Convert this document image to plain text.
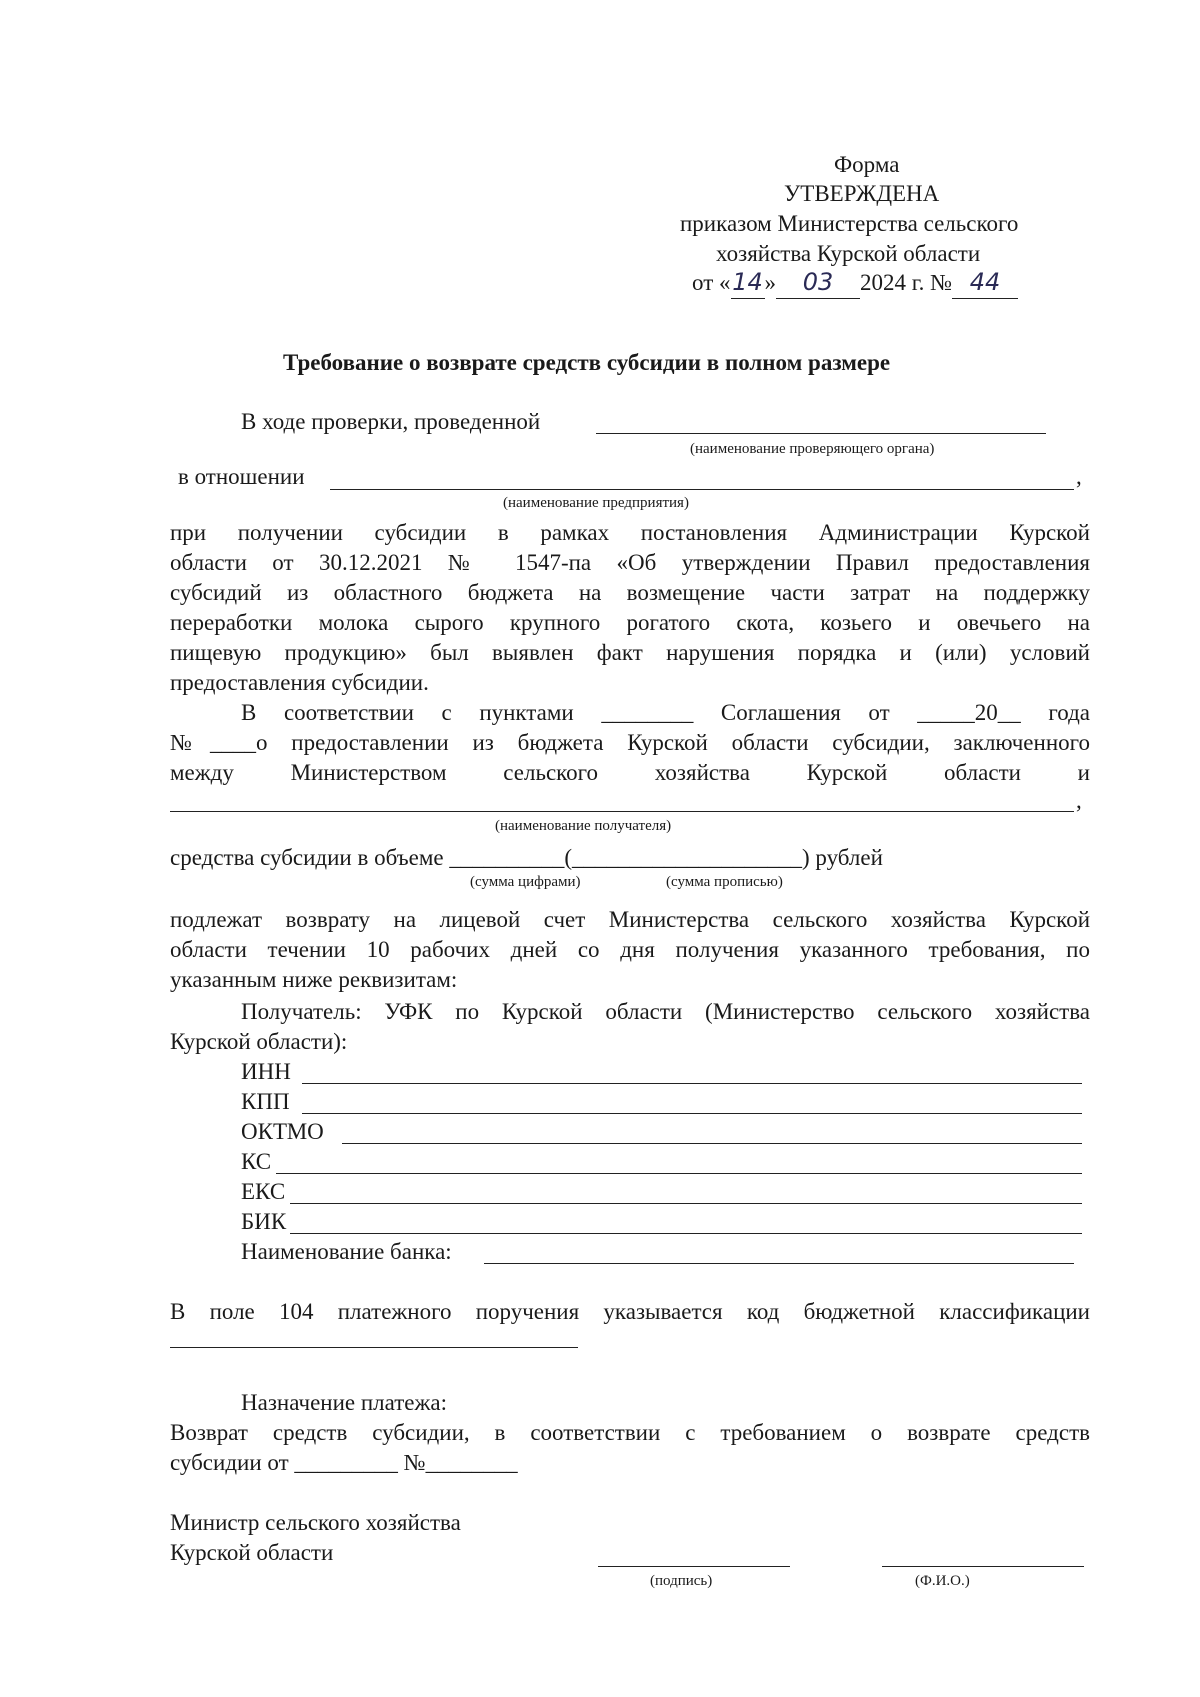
Форма
УТВЕРЖДЕНА
приказом Министерства сельского
хозяйства Курской области
от «14» 03 2024 г. № 44
Требование о возврате средств субсидии в полном размере
В ходе проверки, проведенной
(наименование проверяющего органа)
в отношении	,
(наименование предприятия)
при получении субсидии в рамках постановления Администрации Курской
области от 30.12.2021 № 1547-па «Об утверждении Правил предоставления
субсидий из областного бюджета на возмещение части затрат на поддержку
переработки молока сырого крупного рогатого скота, козьего и овечьего на
пищевую продукцию» был выявлен факт нарушения порядка и (или) условий
предоставления субсидии.
В соответствии с пунктами ________ Соглашения от _____20__ года
№____о предоставлении из бюджета Курской области субсидии, заключенного
между Министерством сельского хозяйства Курской области и
,
(наименование получателя)
средства субсидии в объеме __________(____________________) рублей
(сумма цифрами)	(сумма прописью)
подлежат возврату на лицевой счет Министерства сельского хозяйства Курской
области течении 10 рабочих дней со дня получения указанного требования, по
указанным ниже реквизитам:
Получатель: УФК по Курской области (Министерство сельского хозяйства
Курской области):
ИНН
КПП
ОКТМО
КС
ЕКС
БИК
Наименование банка:
В поле 104 платежного поручения указывается код бюджетной классификации
Назначение платежа:
Возврат средств субсидии, в соответствии с требованием о возврате средств
субсидии от _________ №________
Министр сельского хозяйства
Курской области
(подпись)	(Ф.И.О.)
